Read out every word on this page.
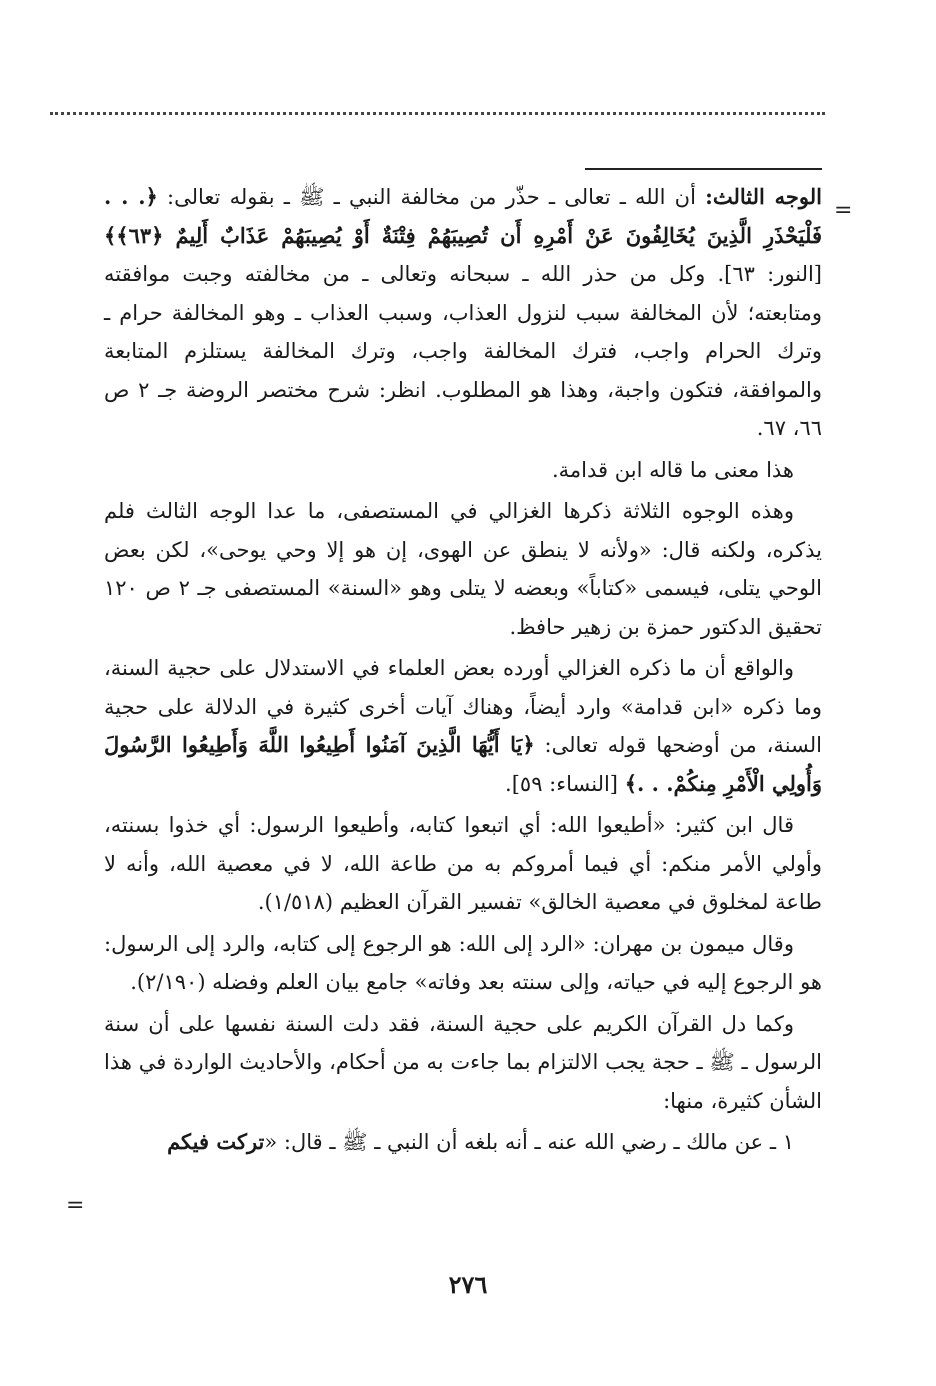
=
=

الوجه الثالث: أن الله ـ تعالى ـ حذّر من مخالفة النبي ـ ﷺ ـ بقوله تعالى: ﴿. . . فَلْيَحْذَرِ الَّذِينَ يُخَالِفُونَ عَنْ أَمْرِهِ أَن تُصِيبَهُمْ فِتْنَةٌ أَوْ يُصِيبَهُمْ عَذَابٌ أَلِيمٌ ﴿٦٣﴾﴾ [النور: ٦٣]. وكل من حذر الله ـ سبحانه وتعالى ـ من مخالفته وجبت موافقته ومتابعته؛ لأن المخالفة سبب لنزول العذاب، وسبب العذاب ـ وهو المخالفة حرام ـ وترك الحرام واجب، فترك المخالفة واجب، وترك المخالفة يستلزم المتابعة والموافقة، فتكون واجبة، وهذا هو المطلوب. انظر: شرح مختصر الروضة جـ ٢ ص ٦٦، ٦٧.

هذا معنى ما قاله ابن قدامة.

وهذه الوجوه الثلاثة ذكرها الغزالي في المستصفى، ما عدا الوجه الثالث فلم يذكره، ولكنه قال: «ولأنه لا ينطق عن الهوى، إن هو إلا وحي يوحى»، لكن بعض الوحي يتلى، فيسمى «كتاباً» وبعضه لا يتلى وهو «السنة» المستصفى جـ ٢ ص ١٢٠ تحقيق الدكتور حمزة بن زهير حافظ.

والواقع أن ما ذكره الغزالي أورده بعض العلماء في الاستدلال على حجية السنة، وما ذكره «ابن قدامة» وارد أيضاً، وهناك آيات أخرى كثيرة في الدلالة على حجية السنة، من أوضحها قوله تعالى: ﴿يَا أَيُّهَا الَّذِينَ آمَنُوا أَطِيعُوا اللَّهَ وَأَطِيعُوا الرَّسُولَ وَأُولِي الْأَمْرِ مِنكُمْ. . .﴾ [النساء: ٥٩].

قال ابن كثير: «أطيعوا الله: أي اتبعوا كتابه، وأطيعوا الرسول: أي خذوا بسنته، وأولي الأمر منكم: أي فيما أمروكم به من طاعة الله، لا في معصية الله، وأنه لا طاعة لمخلوق في معصية الخالق» تفسير القرآن العظيم (١/٥١٨).

وقال ميمون بن مهران: «الرد إلى الله: هو الرجوع إلى كتابه، والرد إلى الرسول: هو الرجوع إليه في حياته، وإلى سنته بعد وفاته» جامع بيان العلم وفضله (٢/١٩٠).

وكما دل القرآن الكريم على حجية السنة، فقد دلت السنة نفسها على أن سنة الرسول ـ ﷺ ـ حجة يجب الالتزام بما جاءت به من أحكام، والأحاديث الواردة في هذا الشأن كثيرة، منها:

١ ـ عن مالك ـ رضي الله عنه ـ أنه بلغه أن النبي ـ ﷺ ـ قال: «تركت فيكم

٢٧٦
